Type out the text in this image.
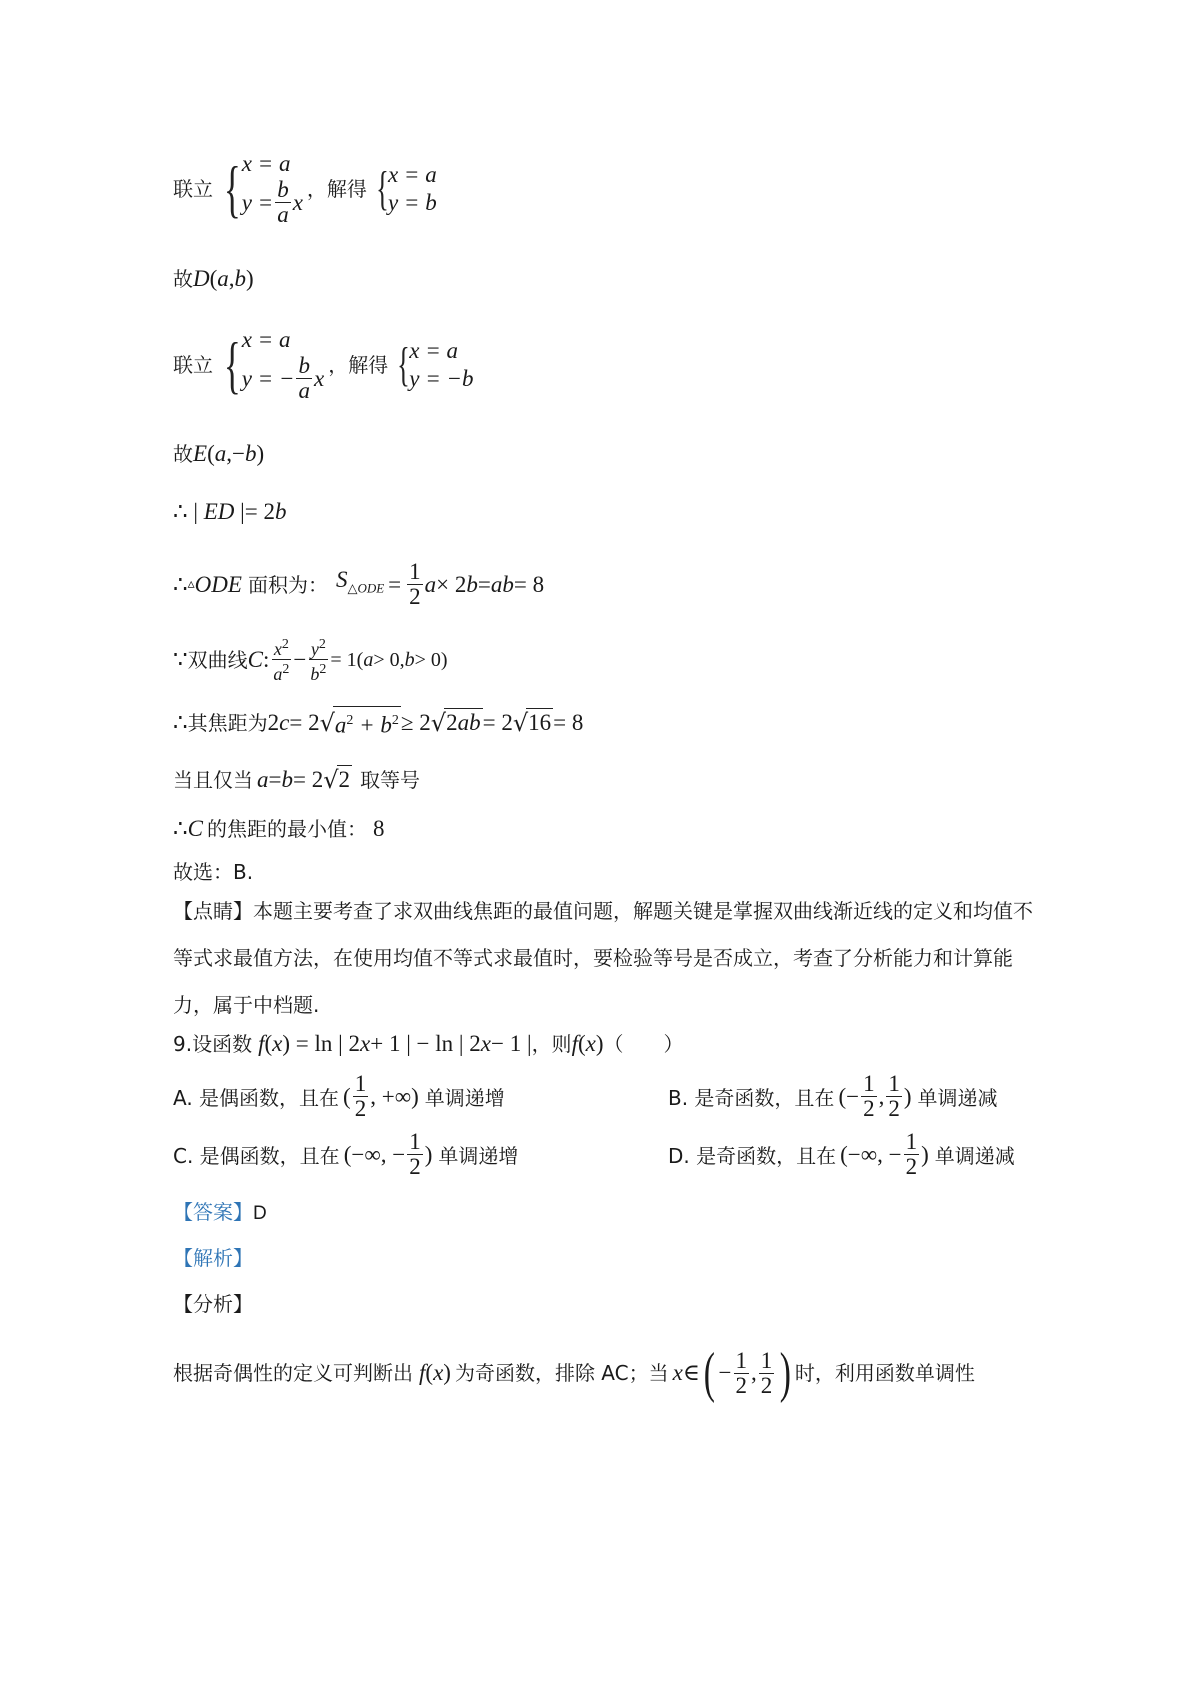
联立 { x = a
$y = \frac{b}{a}$ x
， 解得 { x = a
y = b
故D(a,b)
联立 { x = a
y = − $\frac{b}{a}$ x
， 解得 { x = a
y = −b
故E(a,−b)
∴ | ED |= 2b
∴ ▵ ODE 面积为： $S_{\triangle ODE} = \frac{1}{2}$ a × 2 b = ab = 8
∵ 双曲线 C : $\frac{x^2}{a^2} - \frac{y^2}{b^2} = 1$( a > 0, b > 0)
∴ 其焦距为 2 c = 2 √ $a^2 + b^2 \ge 2$ √ 2ab = 2 √ 16 = 8
当且仅当 a = b = 2 √ 2 取等号
∴ C 的焦距的最小值： 8
故选：B.
【点睛】本题主要考查了求双曲线焦距的最值问题，解题关键是掌握双曲线渐近线的定义和均值不等式求最值方法，在使用均值不等式求最值时，要检验等号是否成立，考查了分析能力和计算能力，属于中档题.
9.设函数 f ( x ) = ln | 2 x + 1 | − ln | 2 x − 1 | ，则 f ( x ) （　　）
A. 是偶函数，且在 ( $\frac{1}{2}$ , +∞) 单调递增	B. 是奇函数，且在 (− $\frac{1}{2}$ , $\frac{1}{2}$ ) 单调递减
C. 是偶函数，且在 (−∞, − $\frac{1}{2}$ ) 单调递增	D. 是奇函数，且在 (−∞, − $\frac{1}{2}$ ) 单调递减
【答案】D
【解析】
【分析】
根据奇偶性的定义可判断出 f ( x ) 为奇函数，排除 AC；当 x ∈ ( − $\frac{1}{2}$ , $\frac{1}{2}$ ) 时，利用函数单调性
